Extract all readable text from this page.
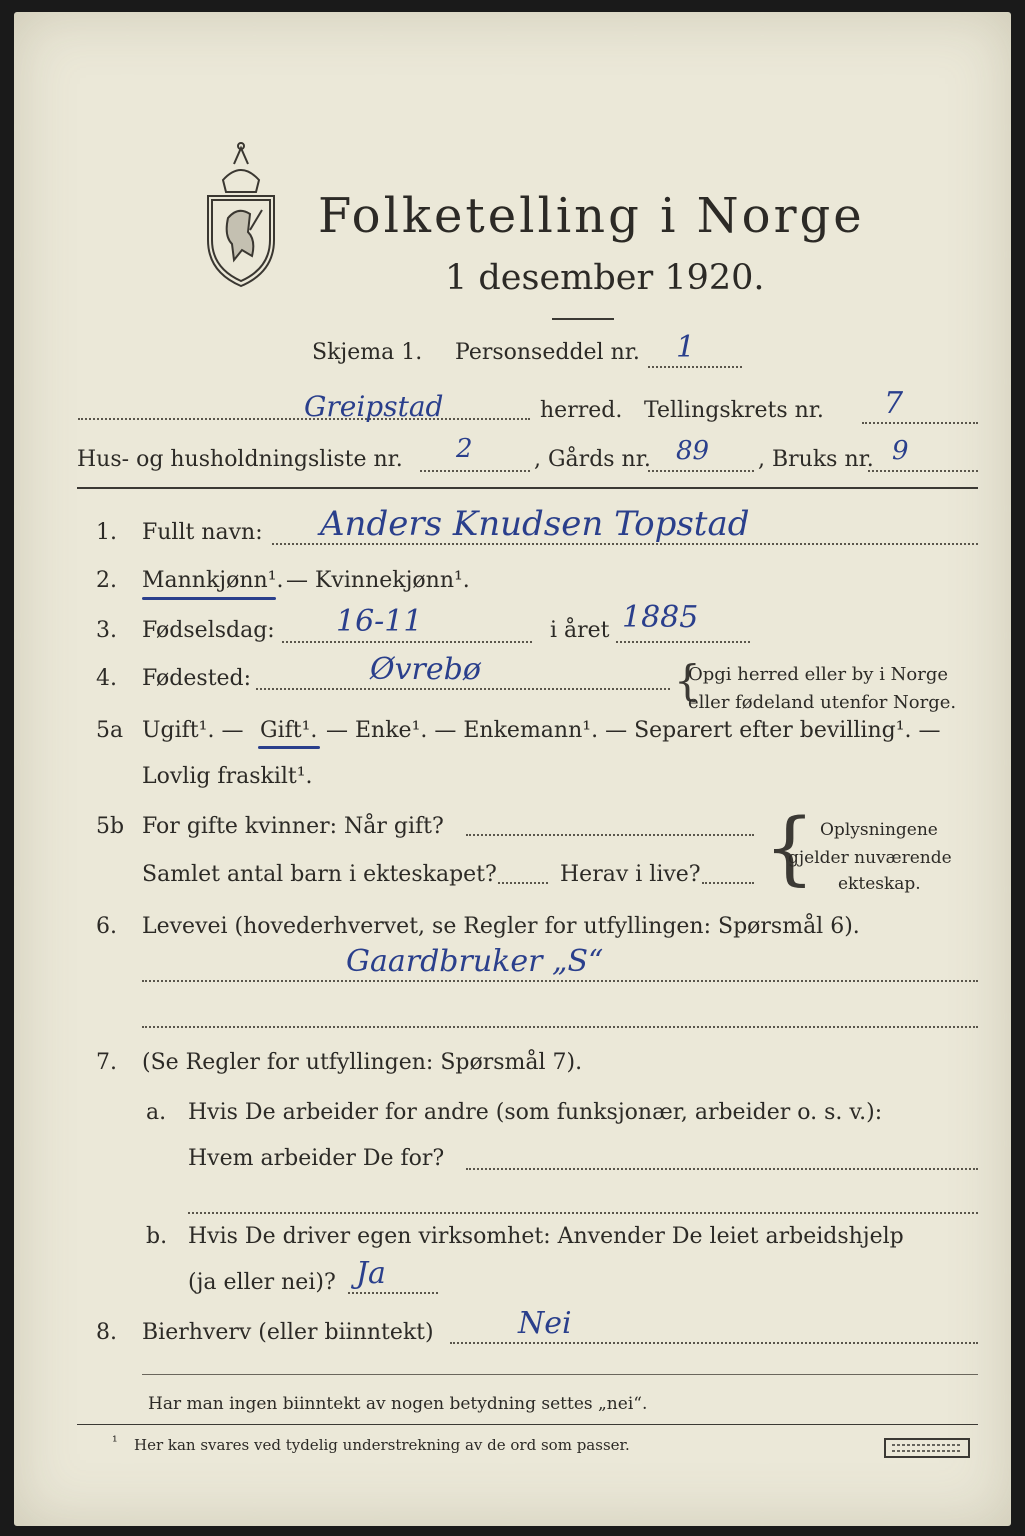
Folketelling i Norge
1 desember 1920.
Skjema 1. Personseddel nr. 1
Greipstad	herred. Tellingskrets nr. 7
Hus- og husholdningsliste nr. 2	, Gårds nr. 89 , Bruks nr. 9
1. Fullt navn: Anders Knudsen Topstad
2. Mannkjønn¹. — Kvinnekjønn¹.
3. Fødselsdag: 16-11	i året 1885
4. Fødested:	Øvrebø	{
Opgi herred eller by i Norge
eller fødeland utenfor Norge.
5a Ugift¹. — Gift¹. — Enke¹. — Enkemann¹. — Separert efter bevilling¹. —
Lovlig fraskilt¹.
5b For gifte kvinner: Når gift?
Samlet antal barn i ekteskapet?	Herav i live? { Oplysningene
gjelder nuværende
ekteskap.
6. Levevei (hovederhvervet, se Regler for utfyllingen: Spørsmål 6).
Gaardbruker „S“
7. (Se Regler for utfyllingen: Spørsmål 7).
a. Hvis De arbeider for andre (som funksjonær, arbeider o. s. v.):
Hvem arbeider De for?
b. Hvis De driver egen virksomhet: Anvender De leiet arbeidshjelp
(ja eller nei)? Ja
8. Bierhverv (eller biinntekt)	Nei
Har man ingen biinntekt av nogen betydning settes „nei“.
¹ Her kan svares ved tydelig understrekning av de ord som passer.
